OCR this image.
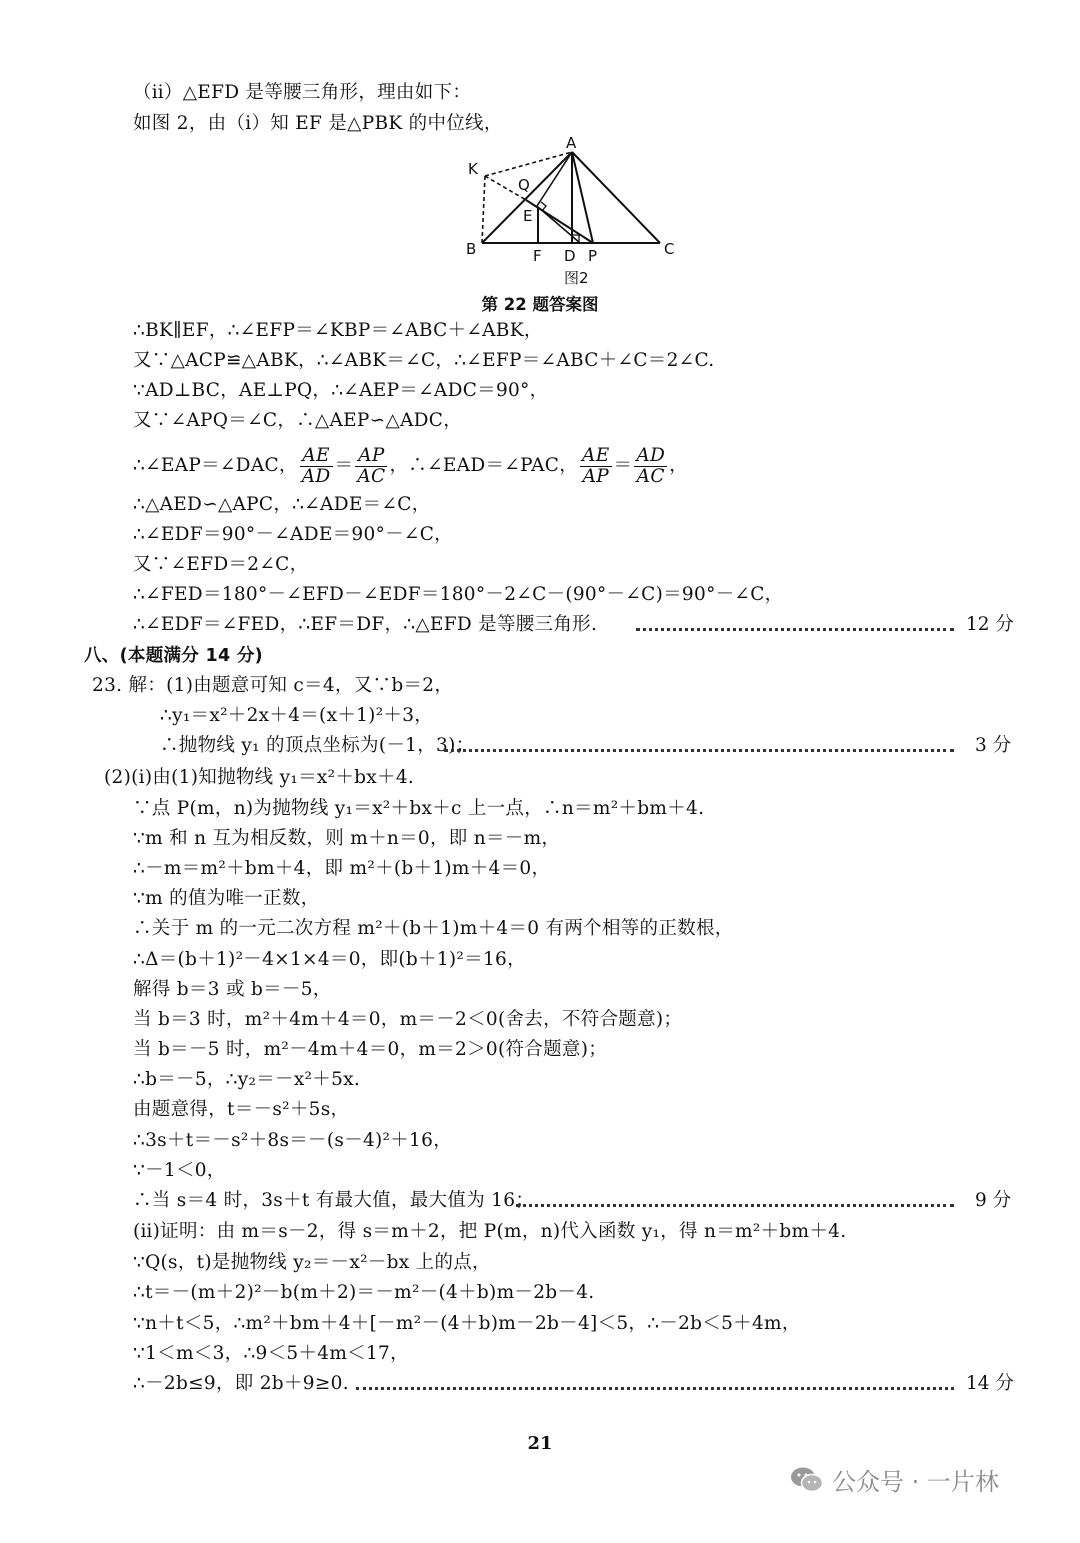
（ⅱ）△EFD 是等腰三角形，理由如下：
如图 2，由（ⅰ）知 EF 是△PBK 的中位线，
K
A
Q
E
B	F D P	C
图2
第 22 题答案图
∴BK∥EF，∴∠EFP＝∠KBP＝∠ABC＋∠ABK，
又∵△ACP≌△ABK，∴∠ABK＝∠C，∴∠EFP＝∠ABC＋∠C＝2∠C.
∵AD⊥BC，AE⊥PQ，∴∠AEP＝∠ADC＝90°，
又∵∠APQ＝∠C，∴△AEP∽△ADC，
∴∠EAP＝∠DAC， $\frac{AE}{AD} = \frac{AP}{AC}$ ，∴∠EAD＝∠PAC， $\frac{AE}{AP} = \frac{AD}{AC}$ ，
∴△AED∽△APC，∴∠ADE＝∠C，
∴∠EDF＝90°－∠ADE＝90°－∠C，
又∵∠EFD＝2∠C，
∴∠FED＝180°－∠EFD－∠EDF＝180°－2∠C－(90°－∠C)＝90°－∠C，
∴∠EDF＝∠FED，∴EF＝DF，∴△EFD 是等腰三角形.	12 分
八、(本题满分 14 分)
23. 解：(1)由题意可知 c＝4，又∵b＝2，
∴y₁＝x²＋2x＋4＝(x＋1)²＋3，
∴抛物线 y₁ 的顶点坐标为(－1，3)；	3 分
(2)(ⅰ)由(1)知抛物线 y₁＝x²＋bx＋4.
∵点 P(m，n)为抛物线 y₁＝x²＋bx＋c 上一点，∴n＝m²＋bm＋4.
∵m 和 n 互为相反数，则 m＋n＝0，即 n＝－m，
∴－m＝m²＋bm＋4，即 m²＋(b＋1)m＋4＝0，
∵m 的值为唯一正数，
∴关于 m 的一元二次方程 m²＋(b＋1)m＋4＝0 有两个相等的正数根，
∴Δ＝(b＋1)²－4×1×4＝0，即(b＋1)²＝16，
解得 b＝3 或 b＝－5，
当 b＝3 时，m²＋4m＋4＝0，m＝－2＜0(舍去，不符合题意)；
当 b＝－5 时，m²－4m＋4＝0，m＝2＞0(符合题意)；
∴b＝－5，∴y₂＝－x²＋5x.
由题意得，t＝－s²＋5s，
∴3s＋t＝－s²＋8s＝－(s－4)²＋16，
∵－1＜0，
∴当 s＝4 时，3s＋t 有最大值，最大值为 16；	9 分
(ⅱ)证明：由 m＝s－2，得 s＝m＋2，把 P(m，n)代入函数 y₁，得 n＝m²＋bm＋4.
∵Q(s，t)是抛物线 y₂＝－x²－bx 上的点，
∴t＝－(m＋2)²－b(m＋2)＝－m²－(4＋b)m－2b－4.
∵n＋t＜5，∴m²＋bm＋4＋[－m²－(4＋b)m－2b－4]＜5，∴－2b＜5＋4m，
∵1＜m＜3，∴9＜5＋4m＜17，
∴－2b≤9，即 2b＋9≥0.	14 分
21
公众号 · 一片林
